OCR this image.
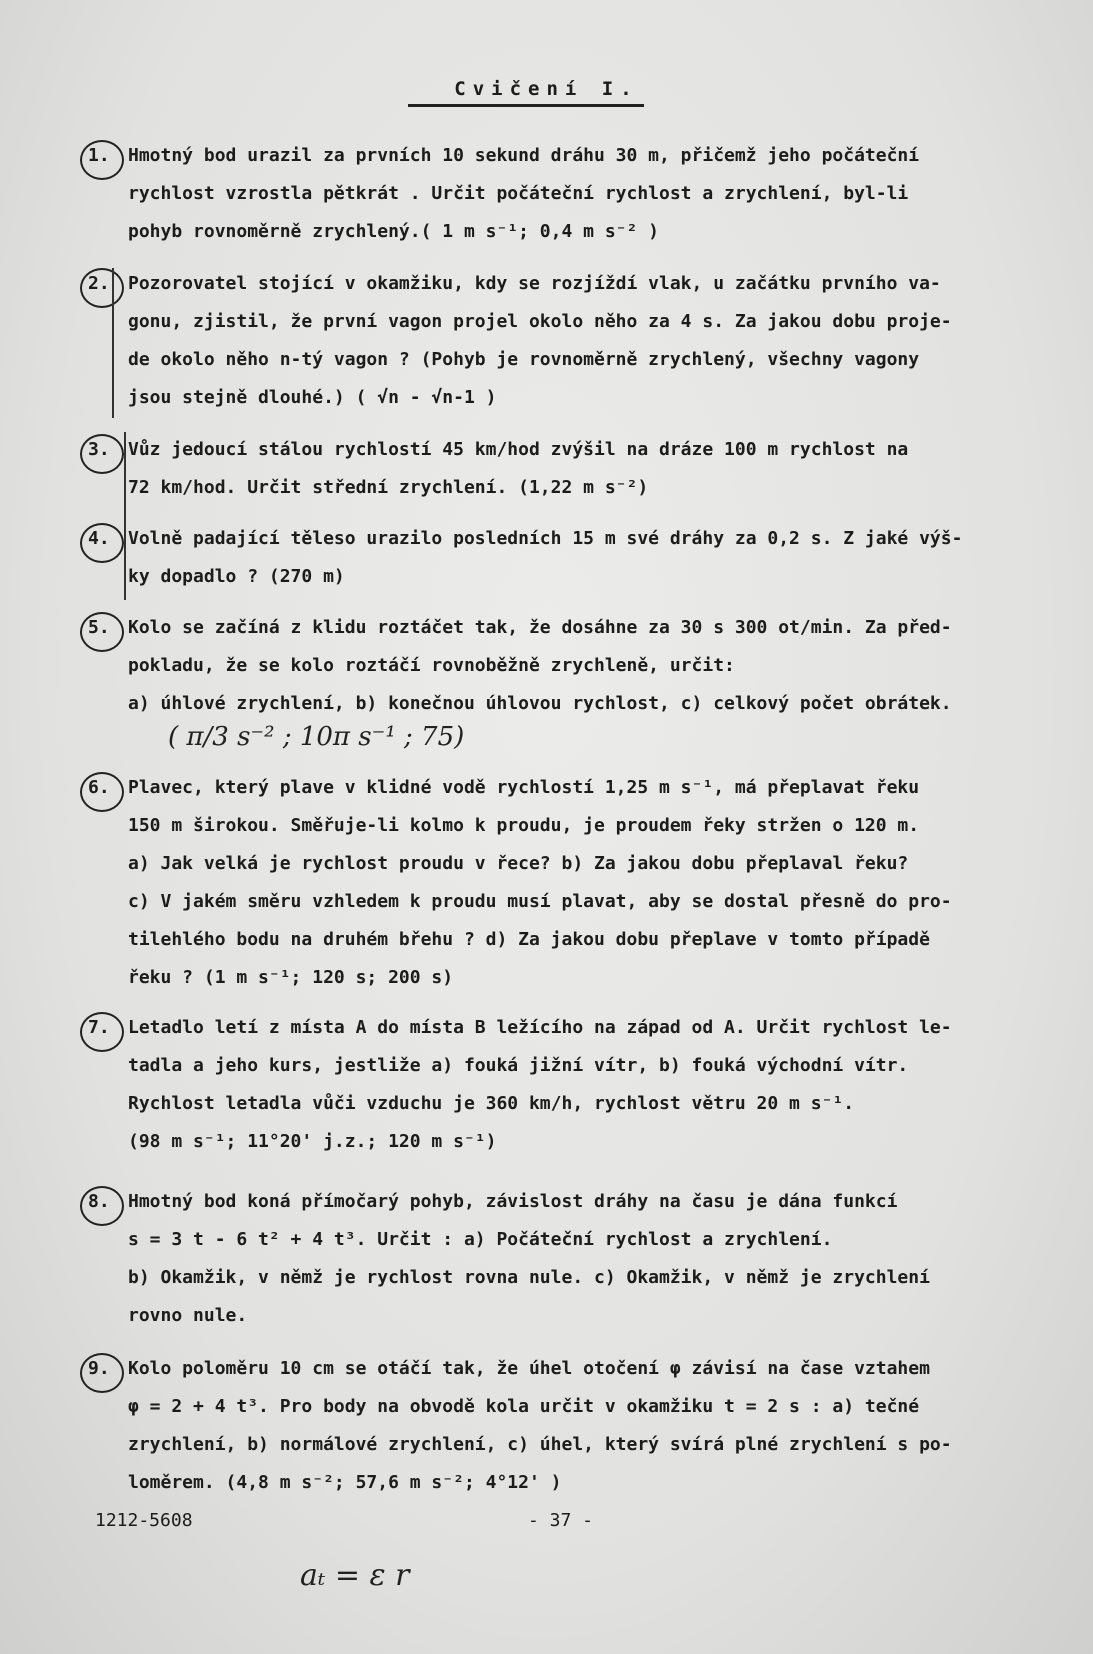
Cvičení I.
1.	Hmotný bod urazil za prvních 10 sekund dráhu 30 m, přičemž jeho počáteční
rychlost vzrostla pětkrát . Určit počáteční rychlost a zrychlení, byl-li
pohyb rovnoměrně zrychlený.( 1 m s⁻¹; 0,4 m s⁻² )
2.	Pozorovatel stojící v okamžiku, kdy se rozjíždí vlak, u začátku prvního va-
gonu, zjistil, že první vagon projel okolo něho za 4 s. Za jakou dobu proje-
de okolo něho n-tý vagon ? (Pohyb je rovnoměrně zrychlený, všechny vagony
jsou stejně dlouhé.) ( √n - √n-1 )
3.	Vůz jedoucí stálou rychlostí 45 km/hod zvýšil na dráze 100 m rychlost na
72 km/hod. Určit střední zrychlení. (1,22 m s⁻²)
4.	Volně padající těleso urazilo posledních 15 m své dráhy za 0,2 s. Z jaké výš-
ky dopadlo ? (270 m)
5.	Kolo se začíná z klidu roztáčet tak, že dosáhne za 30 s 300 ot/min. Za před-
pokladu, že se kolo roztáčí rovnoběžně zrychleně, určit:
a) úhlové zrychlení, b) konečnou úhlovou rychlost, c) celkový počet obrátek.
( π/3 s⁻² ; 10π s⁻¹ ; 75)
6.	Plavec, který plave v klidné vodě rychlostí 1,25 m s⁻¹, má přeplavat řeku
150 m širokou. Směřuje-li kolmo k proudu, je proudem řeky stržen o 120 m.
a) Jak velká je rychlost proudu v řece? b) Za jakou dobu přeplaval řeku?
c) V jakém směru vzhledem k proudu musí plavat, aby se dostal přesně do pro-
tilehlého bodu na druhém břehu ? d) Za jakou dobu přeplave v tomto případě
řeku ? (1 m s⁻¹; 120 s; 200 s)
7.	Letadlo letí z místa A do místa B ležícího na západ od A. Určit rychlost le-
tadla a jeho kurs, jestliže a) fouká jižní vítr, b) fouká východní vítr.
Rychlost letadla vůči vzduchu je 360 km/h, rychlost větru 20 m s⁻¹.
(98 m s⁻¹; 11°20' j.z.; 120 m s⁻¹)
8.	Hmotný bod koná přímočarý pohyb, závislost dráhy na času je dána funkcí
s = 3 t - 6 t² + 4 t³. Určit : a) Počáteční rychlost a zrychlení.
b) Okamžik, v němž je rychlost rovna nule. c) Okamžik, v němž je zrychlení
rovno nule.
9.	Kolo poloměru 10 cm se otáčí tak, že úhel otočení φ závisí na čase vztahem
φ = 2 + 4 t³. Pro body na obvodě kola určit v okamžiku t = 2 s : a) tečné
zrychlení, b) normálové zrychlení, c) úhel, který svírá plné zrychlení s po-
loměrem. (4,8 m s⁻²; 57,6 m s⁻²; 4°12' )
1212-5608	- 37 -
aₜ = ε r
